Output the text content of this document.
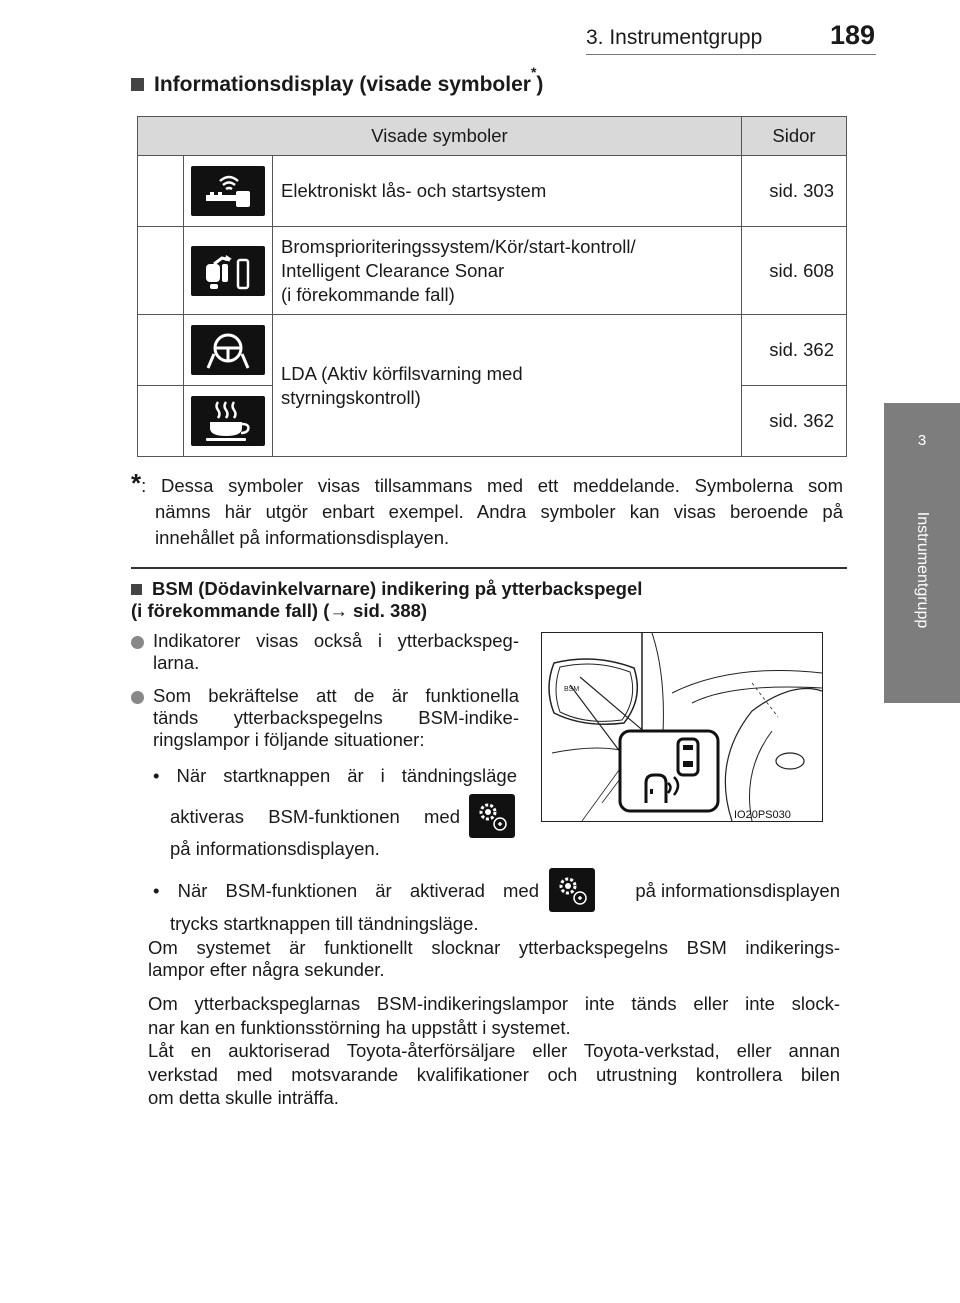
3. Instrumentgrupp	189
3
Instrumentgrupp
Informationsdisplay (visade symboler*)
Visade symboler			Sidor

	Elektroniskt lås- och startsystem	sid. 303

Bromsprioriteringssystem/Kör/start-kontroll/
Intelligent Clearance Sonar
(i förekommande fall)	sid. 608

LDA (Aktiv körfilsvarning med
styrningskontroll)	sid. 362

	sid. 362
*: Dessa symboler visas tillsammans med ett meddelande. Symbolerna som
nämns här utgör enbart exempel. Andra symboler kan visas beroende på
innehållet på informationsdisplayen.
BSM (Dödavinkelvarnare) indikering på ytterbackspegel
(i förekommande fall) (→ sid. 388)
Indikatorer visas också i ytterbackspeg-
larna.
Som bekräftelse att de är funktionella
tänds ytterbackspegelns BSM-indike-
ringslampor i följande situationer:
• När startknappen är i tändningsläge
aktiveras BSM-funktionen med
på informationsdisplayen.
• När BSM-funktionen är aktiverad med	på informationsdisplayen
trycks startknappen till tändningsläge.
Om systemet är funktionellt slocknar ytterbackspegelns BSM indikerings-
lampor efter några sekunder.
Om ytterbackspeglarnas BSM-indikeringslampor inte tänds eller inte slock-
nar kan en funktionsstörning ha uppstått i systemet.
Låt en auktoriserad Toyota-återförsäljare eller Toyota-verkstad, eller annan
verkstad med motsvarande kvalifikationer och utrustning kontrollera bilen
om detta skulle inträffa.
BSM
IO20PS030
